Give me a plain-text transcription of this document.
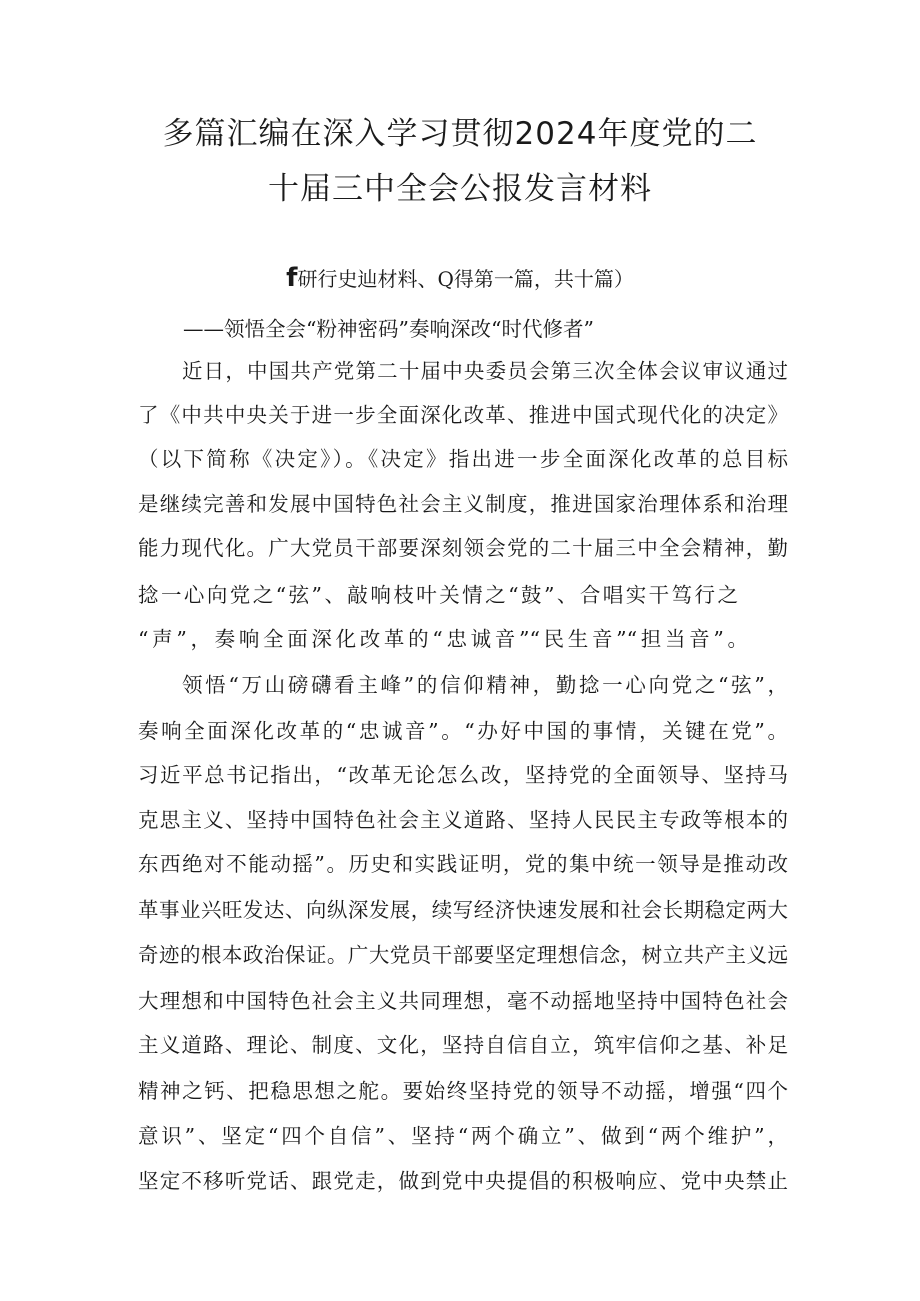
多篇汇编在深入学习贯彻2024年度党的二
十届三中全会公报发言材料
f研行史辿材料、Q得第一篇，共十篇）
——领悟全会“粉神密码”奏响深改“时代修者”
近日，中国共产党第二十届中央委员会第三次全体会议审议通过
了《中共中央关于进一步全面深化改革、推进中国式现代化的决定》
（以下简称《决定》）。《决定》指出进一步全面深化改革的总目标
是继续完善和发展中国特色社会主义制度，推进国家治理体系和治理
能力现代化。广大党员干部要深刻领会党的二十届三中全会精神，勤
捻一心向党之“弦”、敲响枝叶关情之“鼓”、合唱实干笃行之
“声”，奏响全面深化改革的“忠诚音”“民生音”“担当音”。
领悟“万山磅礴看主峰”的信仰精神，勤捻一心向党之“弦”，
奏响全面深化改革的“忠诚音”。“办好中国的事情，关键在党”。
习近平总书记指出，“改革无论怎么改，坚持党的全面领导、坚持马
克思主义、坚持中国特色社会主义道路、坚持人民民主专政等根本的
东西绝对不能动摇”。历史和实践证明，党的集中统一领导是推动改
革事业兴旺发达、向纵深发展，续写经济快速发展和社会长期稳定两大
奇迹的根本政治保证。广大党员干部要坚定理想信念，树立共产主义远
大理想和中国特色社会主义共同理想，毫不动摇地坚持中国特色社会
主义道路、理论、制度、文化，坚持自信自立，筑牢信仰之基、补足
精神之钙、把稳思想之舵。要始终坚持党的领导不动摇，增强“四个
意识”、坚定“四个自信”、坚持“两个确立”、做到“两个维护”，
坚定不移听党话、跟党走，做到党中央提倡的积极响应、党中央禁止
